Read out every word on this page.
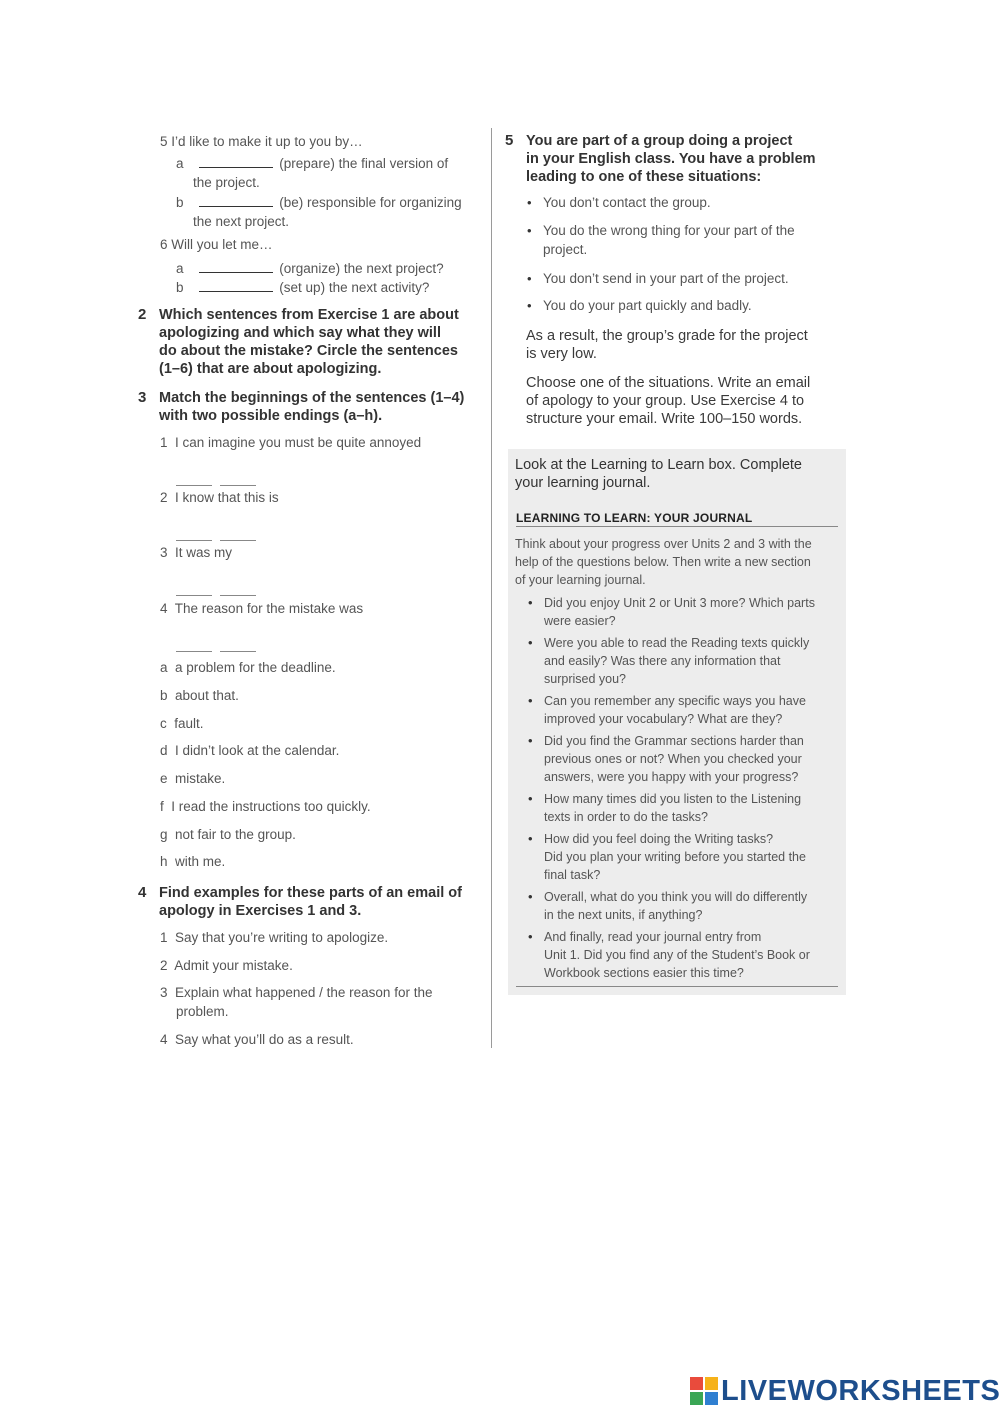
5 I’d like to make it up to you by…
a	(prepare) the final version of
the project.
b	(be) responsible for organizing
the next project.
6 Will you let me…
a	(organize) the next project?
b	(set up) the next activity?
2 Which sentences from Exercise 1 are about
apologizing and which say what they will
do about the mistake? Circle the sentences
(1–6) that are about apologizing.
3 Match the beginnings of the sentences (1–4)
with two possible endings (a–h).
1 I can imagine you must be quite annoyed
2 I know that this is
3 It was my
4 The reason for the mistake was
a a problem for the deadline.
b about that.
c fault.
d I didn’t look at the calendar.
e mistake.
f I read the instructions too quickly.
g not fair to the group.
h with me.
4 Find examples for these parts of an email of
apology in Exercises 1 and 3.
1 Say that you’re writing to apologize.
2 Admit your mistake.
3 Explain what happened / the reason for the
problem.
4 Say what you’ll do as a result.
5 You are part of a group doing a project
in your English class. You have a problem
leading to one of these situations:
• You don’t contact the group.
• You do the wrong thing for your part of the
project.
• You don’t send in your part of the project.
• You do your part quickly and badly.
As a result, the group’s grade for the project
is very low.
Choose one of the situations. Write an email
of apology to your group. Use Exercise 4 to
structure your email. Write 100–150 words.
Look at the Learning to Learn box. Complete
your learning journal.
LEARNING TO LEARN: YOUR JOURNAL
Think about your progress over Units 2 and 3 with the
help of the questions below. Then write a new section
of your learning journal.
• Did you enjoy Unit 2 or Unit 3 more? Which parts
were easier?
• Were you able to read the Reading texts quickly
and easily? Was there any information that
surprised you?
• Can you remember any specific ways you have
improved your vocabulary? What are they?
• Did you find the Grammar sections harder than
previous ones or not? When you checked your
answers, were you happy with your progress?
• How many times did you listen to the Listening
texts in order to do the tasks?
• How did you feel doing the Writing tasks?
Did you plan your writing before you started the
final task?
• Overall, what do you think you will do differently
in the next units, if anything?
• And finally, read your journal entry from
Unit 1. Did you find any of the Student’s Book or
Workbook sections easier this time?
LIVEWORKSHEETS
